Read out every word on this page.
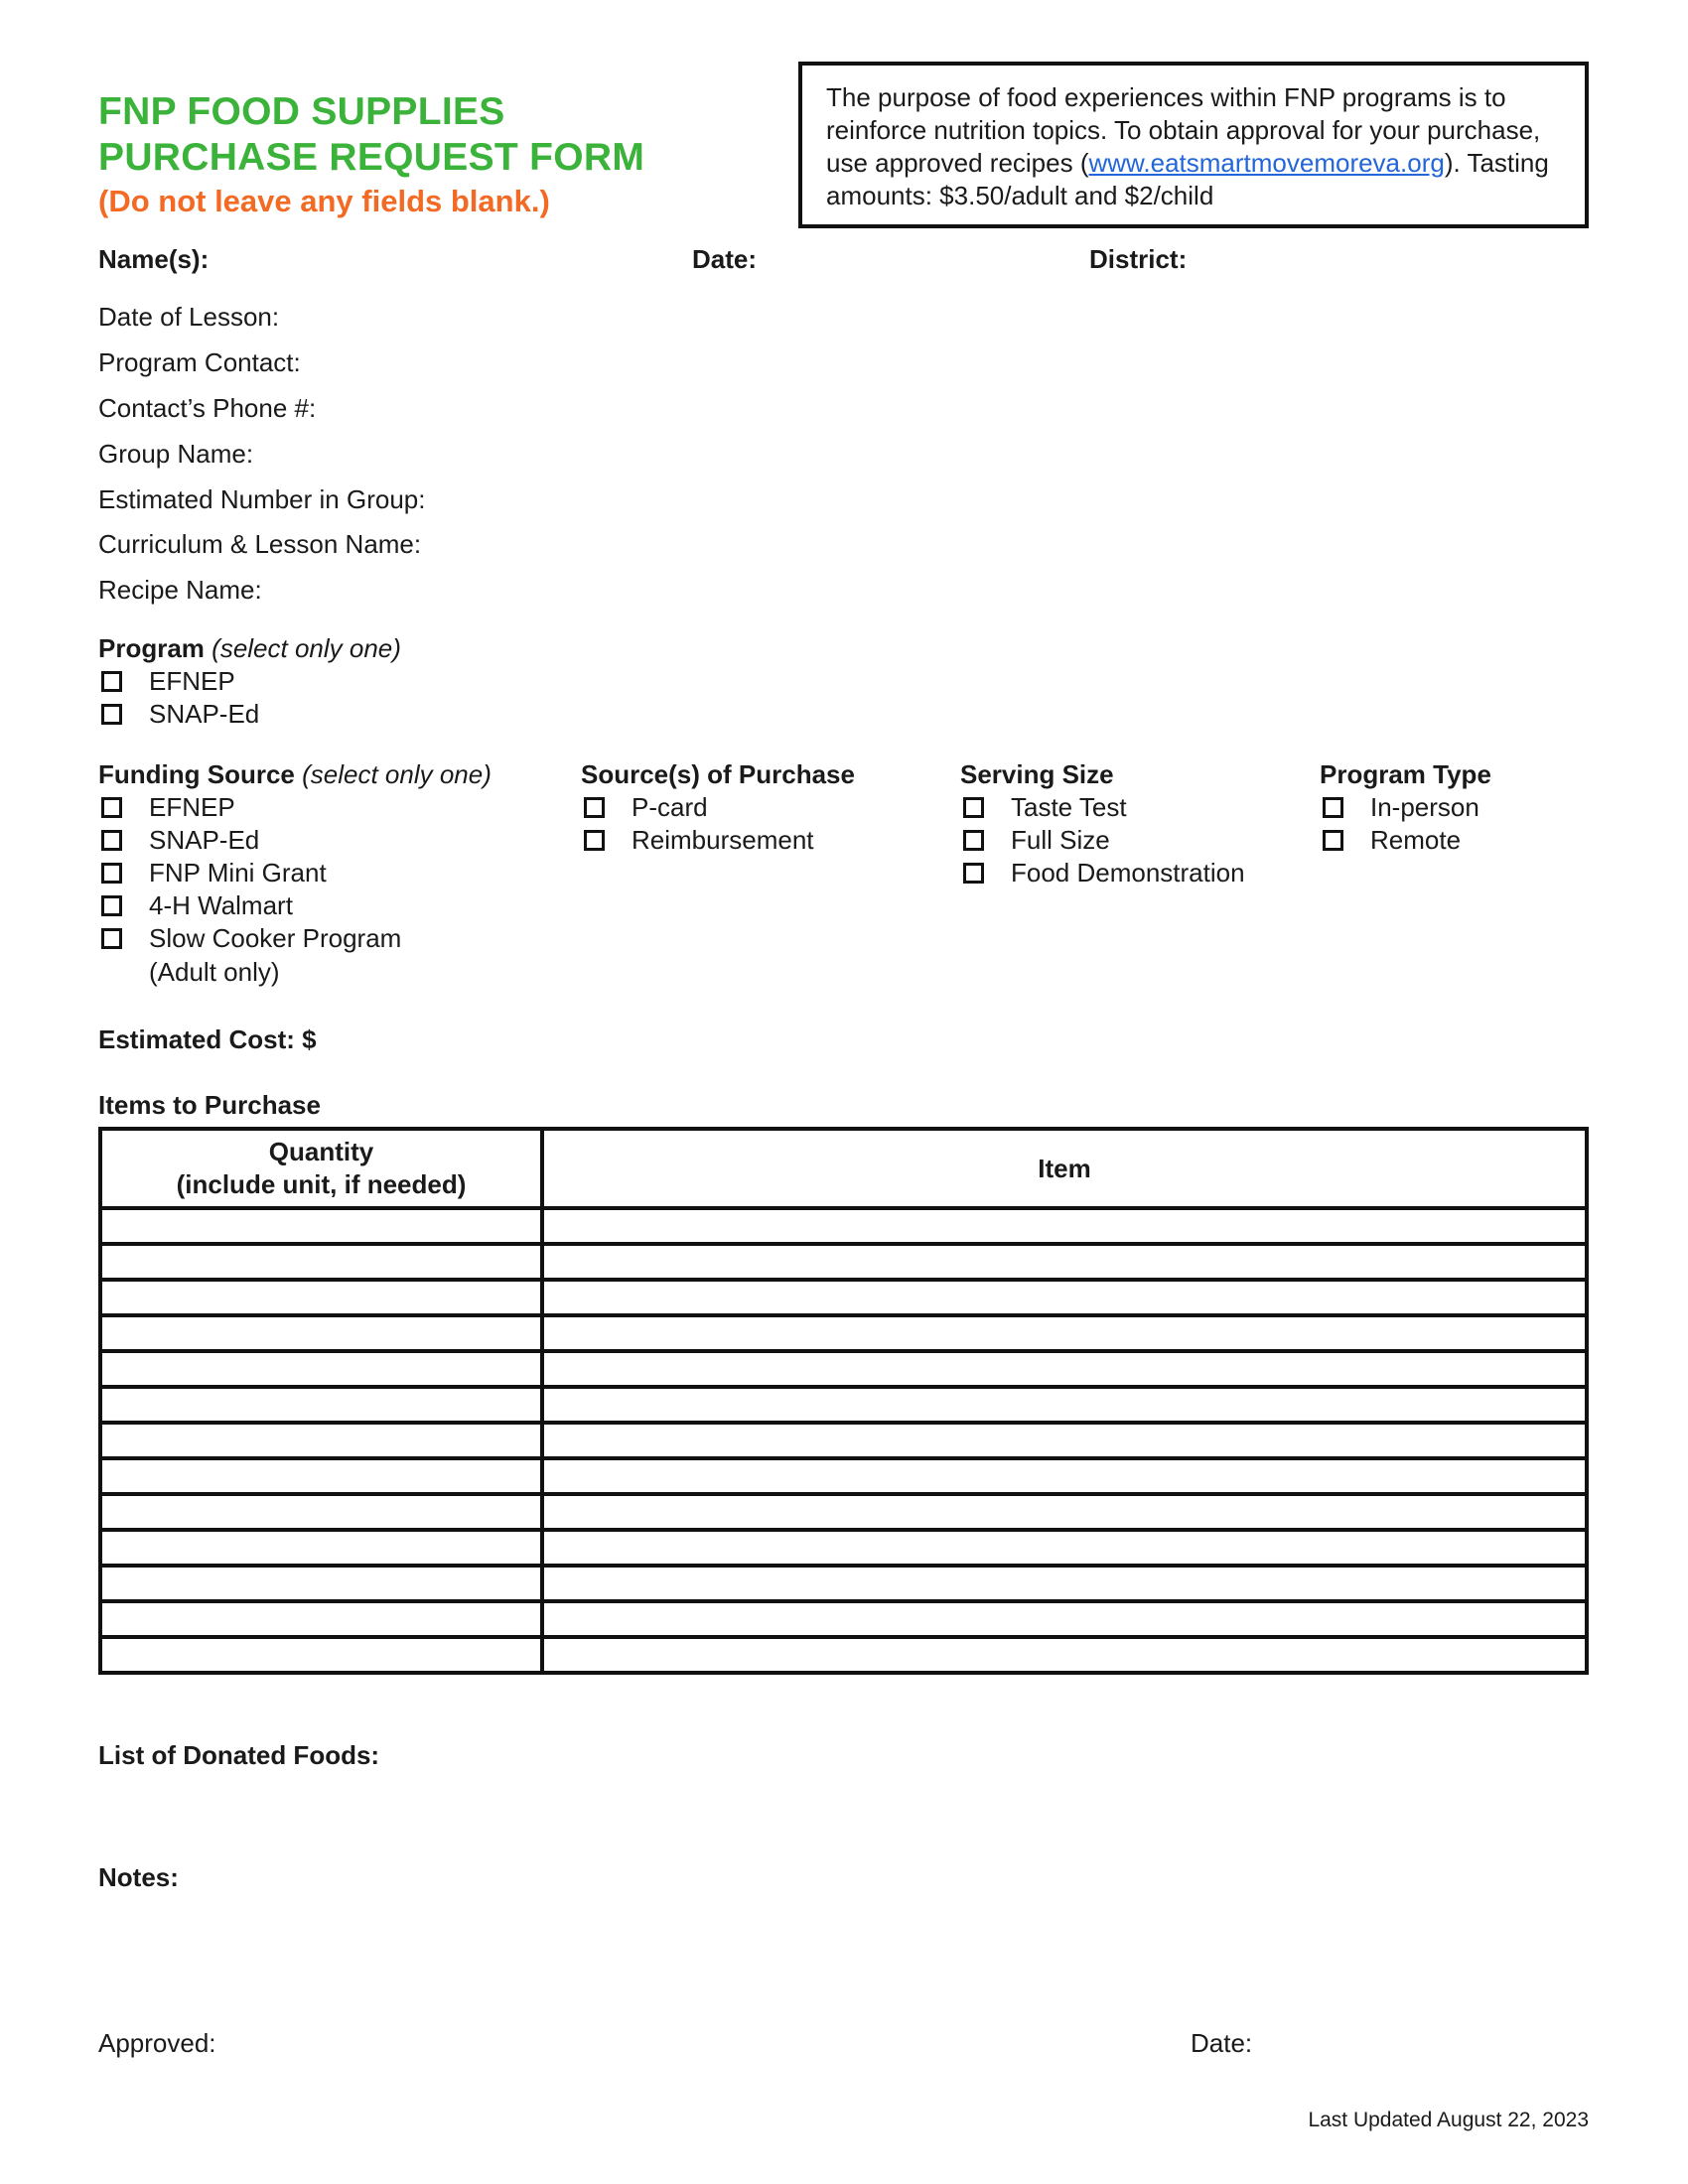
FNP FOOD SUPPLIES
PURCHASE REQUEST FORM
(Do not leave any fields blank.)
The purpose of food experiences within FNP programs is to reinforce nutrition topics. To obtain approval for your purchase, use approved recipes (www.eatsmartmovemoreva.org). Tasting amounts: $3.50/adult and $2/child
Name(s):	Date:	District:
Date of Lesson:
Program Contact:
Contact’s Phone #:
Group Name:
Estimated Number in Group:
Curriculum & Lesson Name:
Recipe Name:
Program (select only one)
EFNEP
SNAP-Ed
Funding Source (select only one)
EFNEP
SNAP-Ed
FNP Mini Grant
4-H Walmart
Slow Cooker Program
(Adult only)
Source(s) of Purchase
P-card
Reimbursement
Serving Size
Taste Test
Full Size
Food Demonstration
Program Type
In-person
Remote
Estimated Cost: $
Items to Purchase
Quantity
(include unit, if needed)	Item

List of Donated Foods:
Notes:
Approved:	Date:
Last Updated August 22, 2023
